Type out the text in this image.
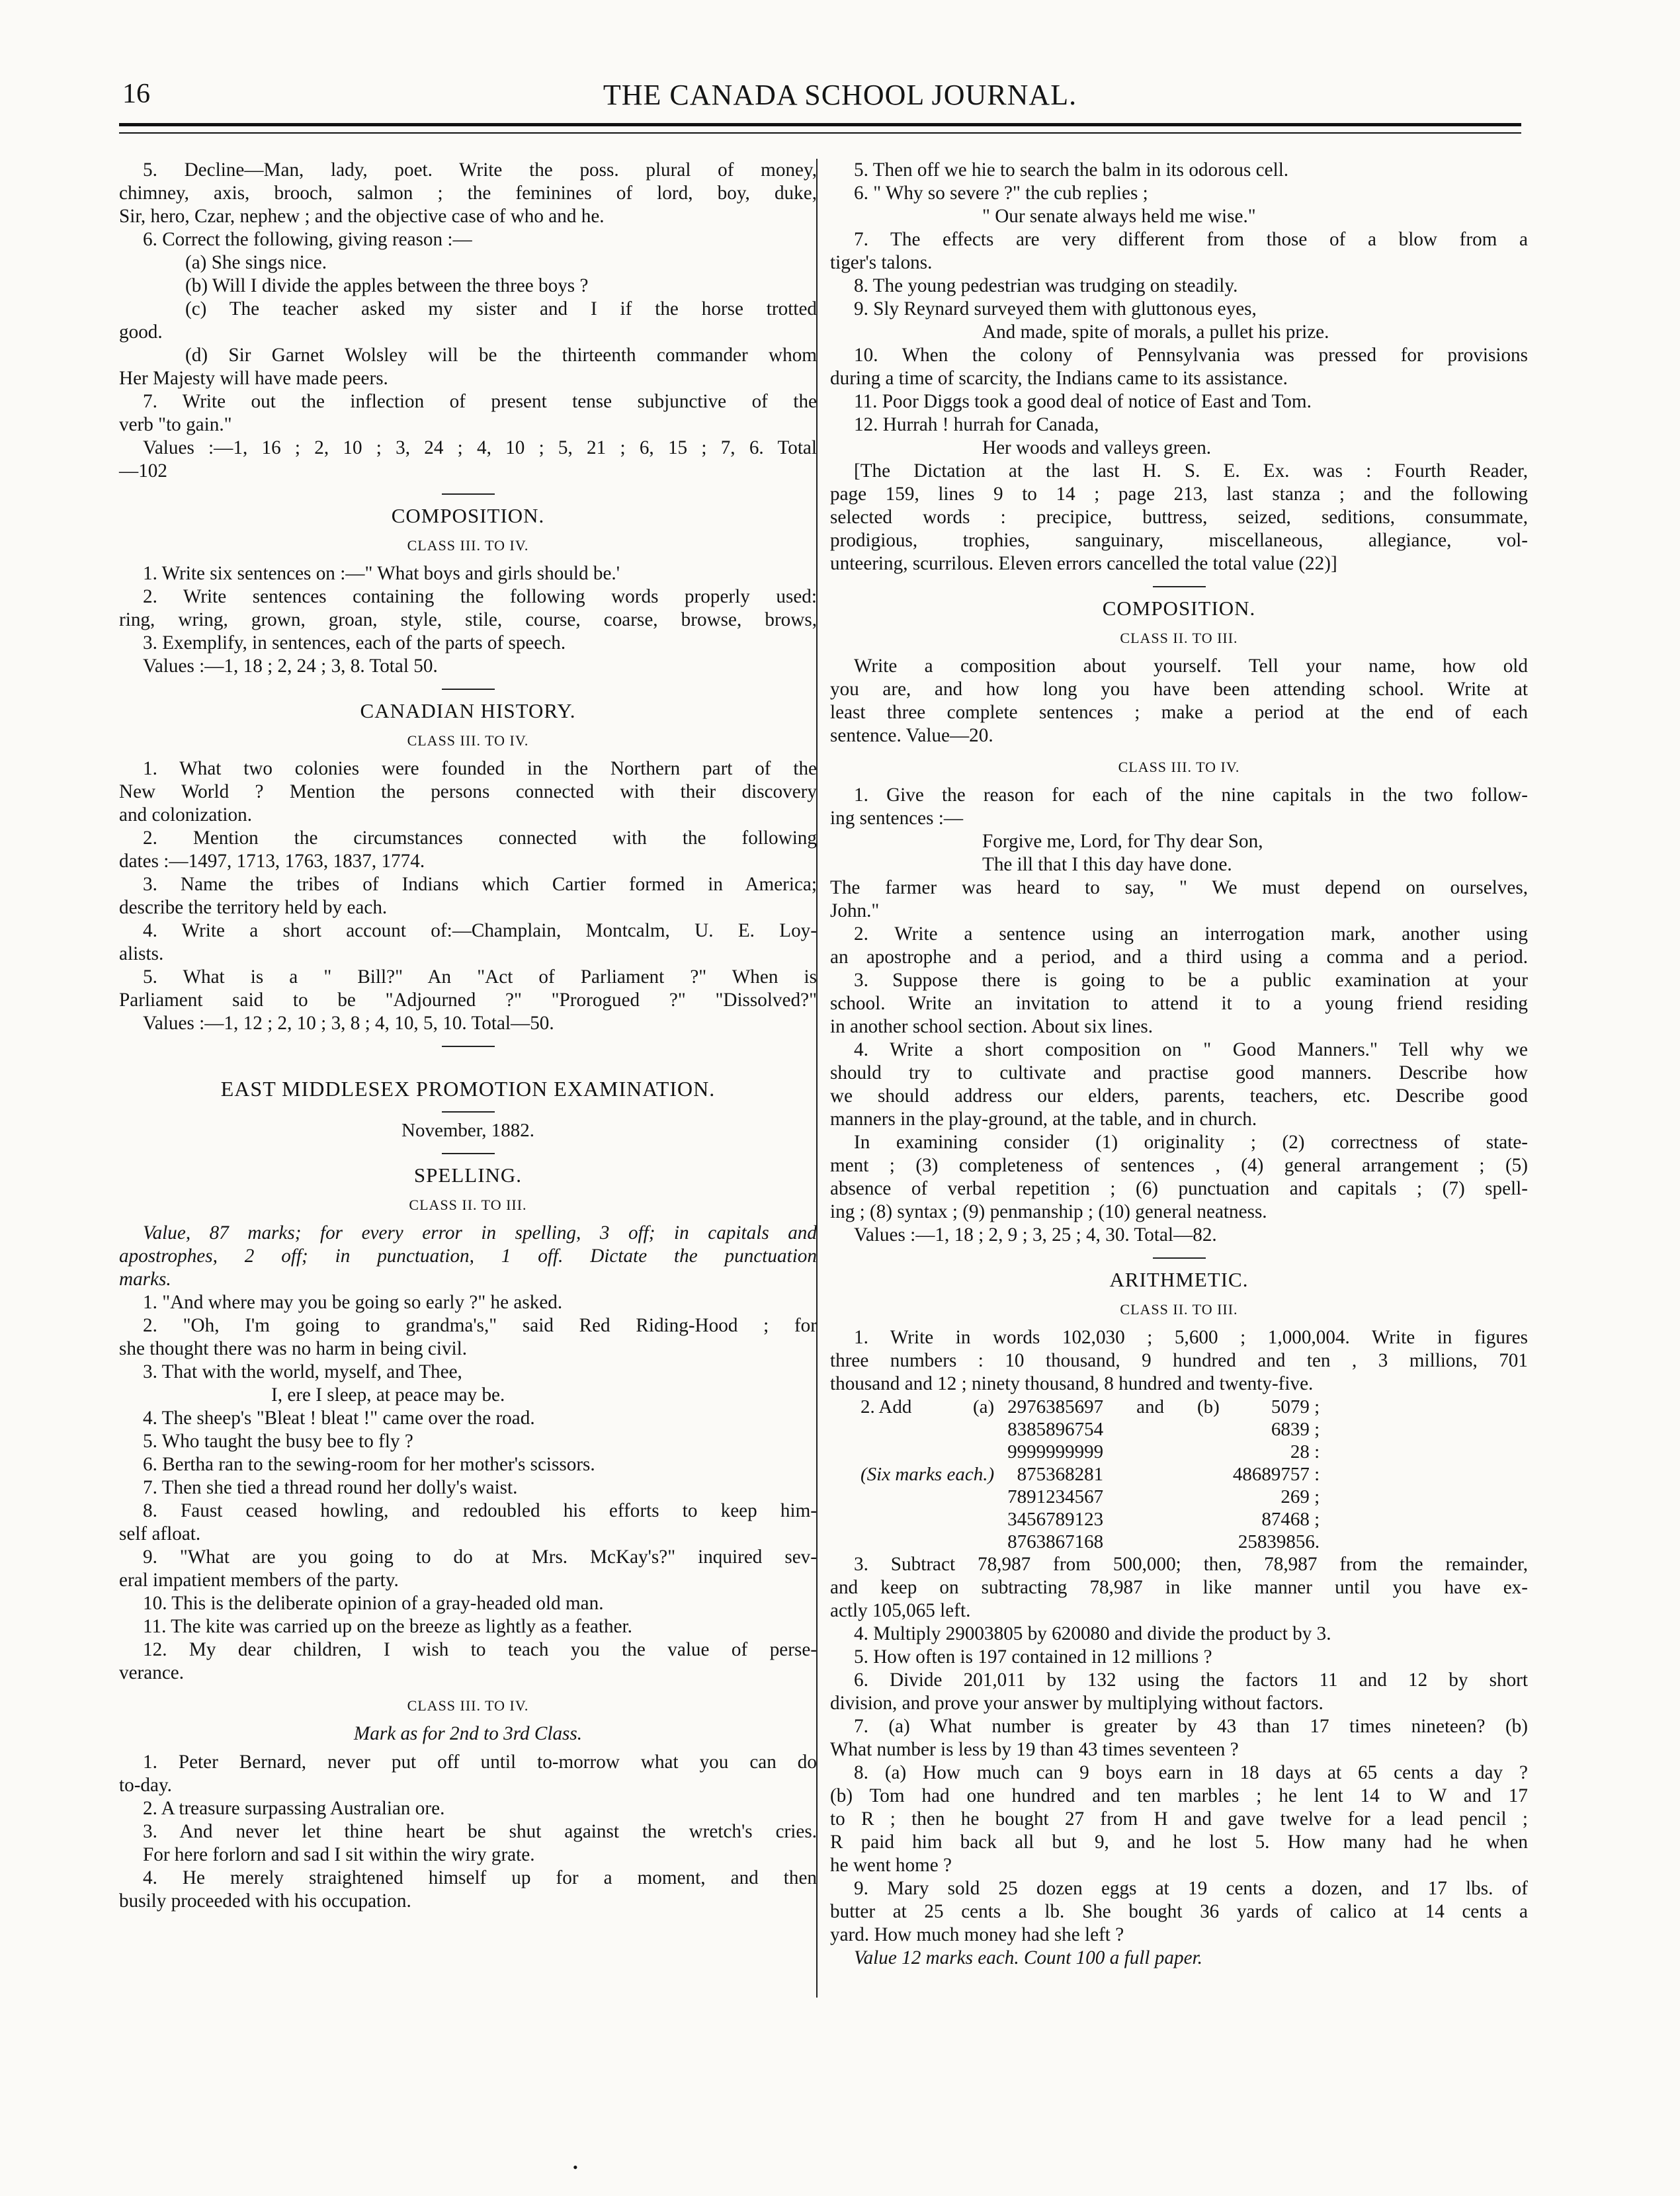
16	THE CANADA SCHOOL JOURNAL.
5. Decline—Man, lady, poet. Write the poss. plural of money,
chimney, axis, brooch, salmon ; the feminines of lord, boy, duke,
Sir, hero, Czar, nephew ; and the objective case of who and he.
6. Correct the following, giving reason :—
(a) She sings nice.
(b) Will I divide the apples between the three boys ?
(c) The teacher asked my sister and I if the horse trotted
good.
(d) Sir Garnet Wolsley will be the thirteenth commander whom
Her Majesty will have made peers.
7. Write out the inflection of present tense subjunctive of the
verb "to gain."
Values :—1, 16 ; 2, 10 ; 3, 24 ; 4, 10 ; 5, 21 ; 6, 15 ; 7, 6. Total
—102
COMPOSITION.
CLASS III. TO IV.
1. Write six sentences on :—" What boys and girls should be.'
2. Write sentences containing the following words properly used:
ring, wring, grown, groan, style, stile, course, coarse, browse, brows,
3. Exemplify, in sentences, each of the parts of speech.
Values :—1, 18 ; 2, 24 ; 3, 8. Total 50.
CANADIAN HISTORY.
CLASS III. TO IV.
1. What two colonies were founded in the Northern part of the
New World ? Mention the persons connected with their discovery
and colonization.
2. Mention the circumstances connected with the following
dates :—1497, 1713, 1763, 1837, 1774.
3. Name the tribes of Indians which Cartier formed in America;
describe the territory held by each.
4. Write a short account of:—Champlain, Montcalm, U. E. Loy-
alists.
5. What is a " Bill?" An "Act of Parliament ?" When is
Parliament said to be "Adjourned ?" "Prorogued ?" "Dissolved?"
Values :—1, 12 ; 2, 10 ; 3, 8 ; 4, 10, 5, 10. Total—50.
EAST MIDDLESEX PROMOTION EXAMINATION.
November, 1882.
SPELLING.
CLASS II. TO III.
Value, 87 marks; for every error in spelling, 3 off; in capitals and
apostrophes, 2 off; in punctuation, 1 off. Dictate the punctuation
marks.
1. "And where may you be going so early ?" he asked.
2. "Oh, I'm going to grandma's," said Red Riding-Hood ; for
she thought there was no harm in being civil.
3. That with the world, myself, and Thee,
I, ere I sleep, at peace may be.
4. The sheep's "Bleat ! bleat !" came over the road.
5. Who taught the busy bee to fly ?
6. Bertha ran to the sewing-room for her mother's scissors.
7. Then she tied a thread round her dolly's waist.
8. Faust ceased howling, and redoubled his efforts to keep him-
self afloat.
9. "What are you going to do at Mrs. McKay's?" inquired sev-
eral impatient members of the party.
10. This is the deliberate opinion of a gray-headed old man.
11. The kite was carried up on the breeze as lightly as a feather.
12. My dear children, I wish to teach you the value of perse-
verance.
CLASS III. TO IV.
Mark as for 2nd to 3rd Class.
1. Peter Bernard, never put off until to-morrow what you can do
to-day.
2. A treasure surpassing Australian ore.
3. And never let thine heart be shut against the wretch's cries.
For here forlorn and sad I sit within the wiry grate.
4. He merely straightened himself up for a moment, and then
busily proceeded with his occupation.
5. Then off we hie to search the balm in its odorous cell.
6. " Why so severe ?" the cub replies ;
" Our senate always held me wise."
7. The effects are very different from those of a blow from a
tiger's talons.
8. The young pedestrian was trudging on steadily.
9. Sly Reynard surveyed them with gluttonous eyes,
And made, spite of morals, a pullet his prize.
10. When the colony of Pennsylvania was pressed for provisions
during a time of scarcity, the Indians came to its assistance.
11. Poor Diggs took a good deal of notice of East and Tom.
12. Hurrah ! hurrah for Canada,
Her woods and valleys green.
[The Dictation at the last H. S. E. Ex. was : Fourth Reader,
page 159, lines 9 to 14 ; page 213, last stanza ; and the following
selected words : precipice, buttress, seized, seditions, consummate,
prodigious, trophies, sanguinary, miscellaneous, allegiance, vol-
unteering, scurrilous. Eleven errors cancelled the total value (22)]
COMPOSITION.
CLASS II. TO III.
Write a composition about yourself. Tell your name, how old
you are, and how long you have been attending school. Write at
least three complete sentences ; make a period at the end of each
sentence. Value—20.
CLASS III. TO IV.
1. Give the reason for each of the nine capitals in the two follow-
ing sentences :—
Forgive me, Lord, for Thy dear Son,
The ill that I this day have done.
The farmer was heard to say, " We must depend on ourselves,
John."
2. Write a sentence using an interrogation mark, another using
an apostrophe and a period, and a third using a comma and a period.
3. Suppose there is going to be a public examination at your
school. Write an invitation to attend it to a young friend residing
in another school section. About six lines.
4. Write a short composition on " Good Manners." Tell why we
should try to cultivate and practise good manners. Describe how
we should address our elders, parents, teachers, etc. Describe good
manners in the play-ground, at the table, and in church.
In examining consider (1) originality ; (2) correctness of state-
ment ; (3) completeness of sentences , (4) general arrangement ; (5)
absence of verbal repetition ; (6) punctuation and capitals ; (7) spell-
ing ; (8) syntax ; (9) penmanship ; (10) general neatness.
Values :—1, 18 ; 2, 9 ; 3, 25 ; 4, 30. Total—82.
ARITHMETIC.
CLASS II. TO III.
1. Write in words 102,030 ; 5,600 ; 1,000,004. Write in figures
three numbers : 10 thousand, 9 hundred and ten , 3 millions, 701
thousand and 12 ; ninety thousand, 8 hundred and twenty-five.
2. Add	(a)	2976385697	and	(b)	5079 ;
		8385896754			6839 ;
		9999999999			28 :
(Six marks each.)		875368281			48689757 :
		7891234567			269 ;
		3456789123			87468 ;
		8763867168			25839856.
3. Subtract 78,987 from 500,000; then, 78,987 from the remainder,
and keep on subtracting 78,987 in like manner until you have ex-
actly 105,065 left.
4. Multiply 29003805 by 620080 and divide the product by 3.
5. How often is 197 contained in 12 millions ?
6. Divide 201,011 by 132 using the factors 11 and 12 by short
division, and prove your answer by multiplying without factors.
7. (a) What number is greater by 43 than 17 times nineteen? (b)
What number is less by 19 than 43 times seventeen ?
8. (a) How much can 9 boys earn in 18 days at 65 cents a day ?
(b) Tom had one hundred and ten marbles ; he lent 14 to W and 17
to R ; then he bought 27 from H and gave twelve for a lead pencil ;
R paid him back all but 9, and he lost 5. How many had he when
he went home ?
9. Mary sold 25 dozen eggs at 19 cents a dozen, and 17 lbs. of
butter at 25 cents a lb. She bought 36 yards of calico at 14 cents a
yard. How much money had she left ?
Value 12 marks each. Count 100 a full paper.
•
